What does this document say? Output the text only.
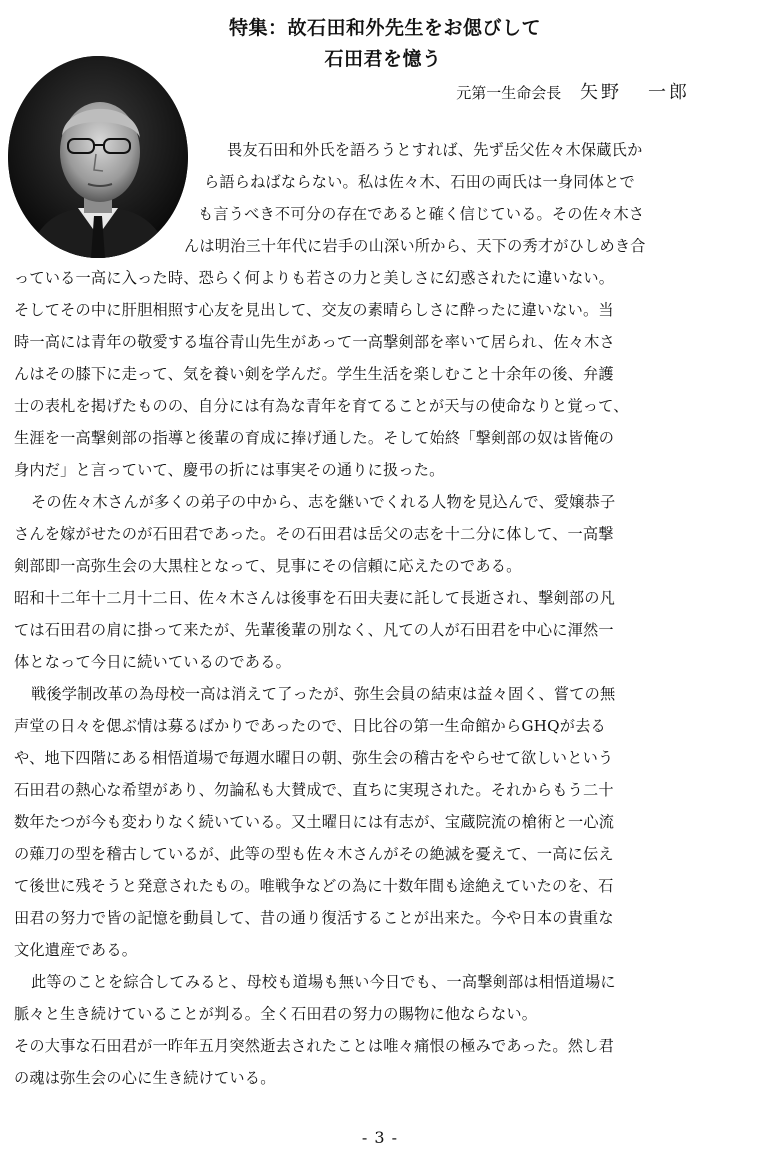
特集：故石田和外先生をお偲びして
石田君を憶う
元第一生命会長 矢野 一郎
畏友石田和外氏を語ろうとすれば、先ず岳父佐々木保蔵氏か
ら語らねばならない。私は佐々木、石田の両氏は一身同体とで
も言うべき不可分の存在であると確く信じている。その佐々木さ
んは明治三十年代に岩手の山深い所から、天下の秀才がひしめき合
っている一高に入った時、恐らく何よりも若さの力と美しさに幻惑されたに違いない。
そしてその中に肝胆相照す心友を見出して、交友の素晴らしさに酔ったに違いない。当
時一高には青年の敬愛する塩谷青山先生があって一高撃剣部を率いて居られ、佐々木さ
んはその膝下に走って、気を養い剣を学んだ。学生生活を楽しむこと十余年の後、弁護
士の表札を掲げたものの、自分には有為な青年を育てることが天与の使命なりと覚って、
生涯を一高撃剣部の指導と後輩の育成に捧げ通した。そして始終「撃剣部の奴は皆俺の
身内だ」と言っていて、慶弔の折には事実その通りに扱った。
その佐々木さんが多くの弟子の中から、志を継いでくれる人物を見込んで、愛嬢恭子
さんを嫁がせたのが石田君であった。その石田君は岳父の志を十二分に体して、一高撃
剣部即一高弥生会の大黒柱となって、見事にその信頼に応えたのである。
昭和十二年十二月十二日、佐々木さんは後事を石田夫妻に託して長逝され、撃剣部の凡
ては石田君の肩に掛って来たが、先輩後輩の別なく、凡ての人が石田君を中心に渾然一
体となって今日に続いているのである。
戦後学制改革の為母校一高は消えて了ったが、弥生会員の結束は益々固く、嘗ての無
声堂の日々を偲ぶ情は募るばかりであったので、日比谷の第一生命館からGHQが去る
や、地下四階にある相悟道場で毎週水曜日の朝、弥生会の稽古をやらせて欲しいという
石田君の熱心な希望があり、勿論私も大賛成で、直ちに実現された。それからもう二十
数年たつが今も変わりなく続いている。又土曜日には有志が、宝蔵院流の槍術と一心流
の薙刀の型を稽古しているが、此等の型も佐々木さんがその絶滅を憂えて、一高に伝え
て後世に残そうと発意されたもの。唯戦争などの為に十数年間も途絶えていたのを、石
田君の努力で皆の記憶を動員して、昔の通り復活することが出来た。今や日本の貴重な
文化遺産である。
此等のことを綜合してみると、母校も道場も無い今日でも、一高撃剣部は相悟道場に
脈々と生き続けていることが判る。全く石田君の努力の賜物に他ならない。
その大事な石田君が一昨年五月突然逝去されたことは唯々痛恨の極みであった。然し君
の魂は弥生会の心に生き続けている。
- 3 -
